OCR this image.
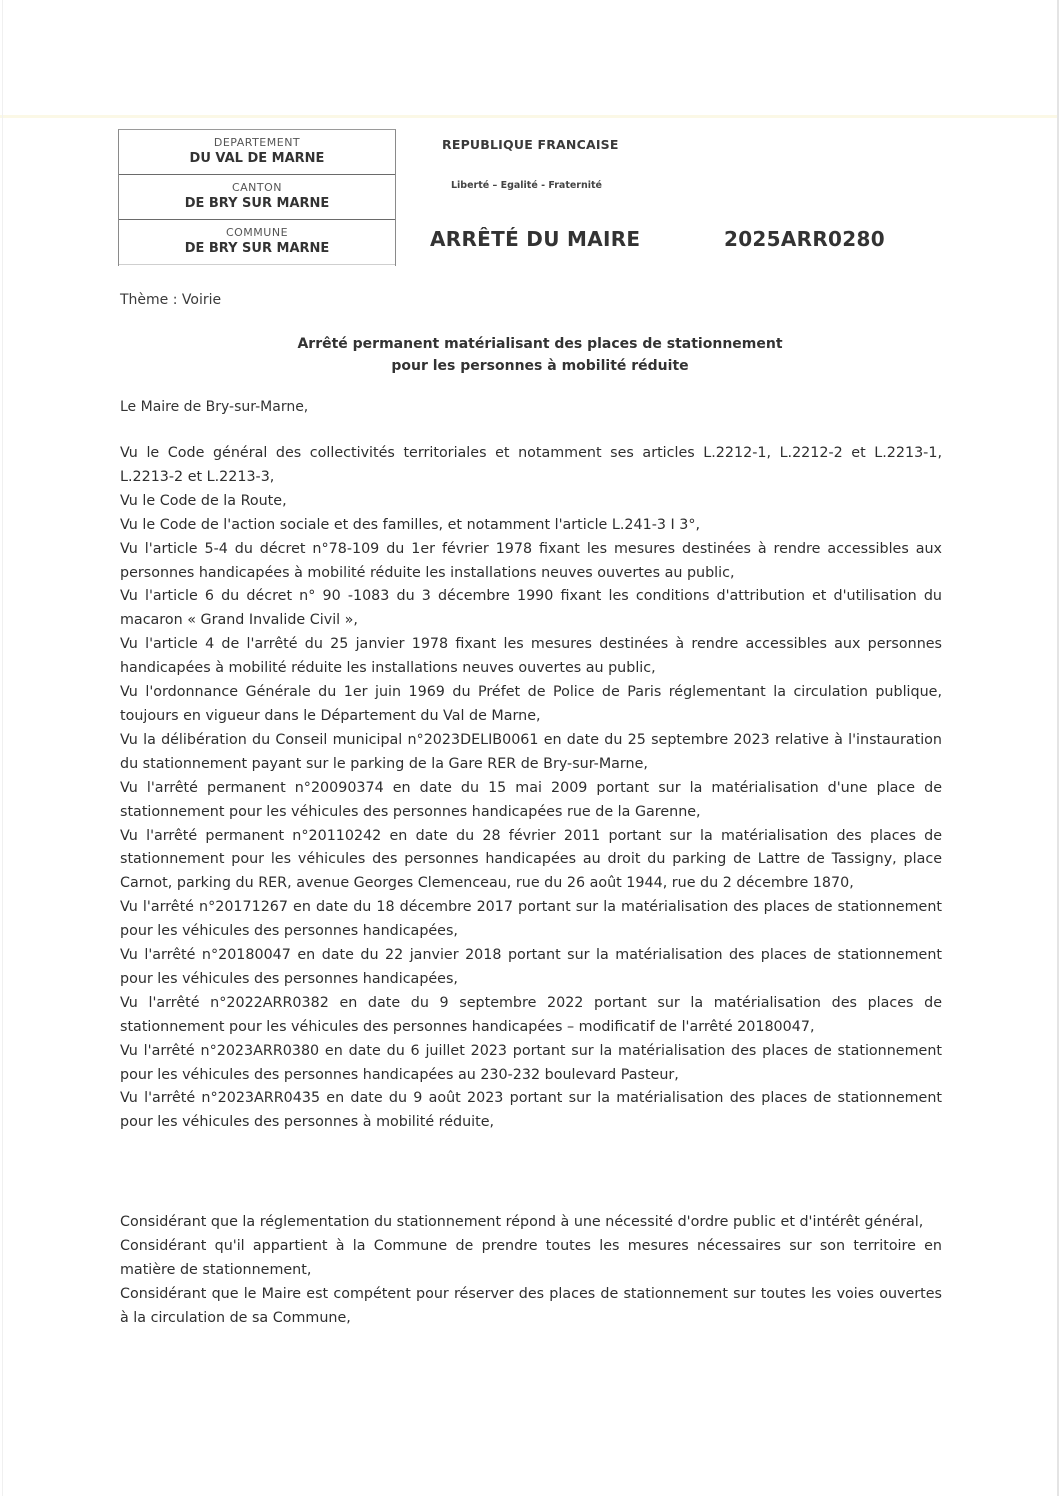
DEPARTEMENT
DU VAL DE MARNE
CANTON
DE BRY SUR MARNE
COMMUNE
DE BRY SUR MARNE
REPUBLIQUE FRANCAISE
Liberté – Egalité - Fraternité
ARRÊTÉ DU MAIRE	2025ARR0280
Thème : Voirie
Arrêté permanent matérialisant des places de stationnement
pour les personnes à mobilité réduite
Le Maire de Bry-sur-Marne,

Vu le Code général des collectivités territoriales et notamment ses articles L.2212-1, L.2212-2 et L.2213-1, L.2213-2 et L.2213-3,

Vu le Code de la Route,

Vu le Code de l'action sociale et des familles, et notamment l'article L.241-3 I 3°,

Vu l'article 5-4 du décret n°78-109 du 1er février 1978 fixant les mesures destinées à rendre accessibles aux personnes handicapées à mobilité réduite les installations neuves ouvertes au public,

Vu l'article 6 du décret n° 90 -1083 du 3 décembre 1990 fixant les conditions d'attribution et d'utilisation du macaron « Grand Invalide Civil »,

Vu l'article 4 de l'arrêté du 25 janvier 1978 fixant les mesures destinées à rendre accessibles aux personnes handicapées à mobilité réduite les installations neuves ouvertes au public,

Vu l'ordonnance Générale du 1er juin 1969 du Préfet de Police de Paris réglementant la circulation publique, toujours en vigueur dans le Département du Val de Marne,

Vu la délibération du Conseil municipal n°2023DELIB0061 en date du 25 septembre 2023 relative à l'instauration du stationnement payant sur le parking de la Gare RER de Bry-sur-Marne,

Vu l'arrêté permanent n°20090374 en date du 15 mai 2009 portant sur la matérialisation d'une place de stationnement pour les véhicules des personnes handicapées rue de la Garenne,

Vu l'arrêté permanent n°20110242 en date du 28 février 2011 portant sur la matérialisation des places de stationnement pour les véhicules des personnes handicapées au droit du parking de Lattre de Tassigny, place Carnot, parking du RER, avenue Georges Clemenceau, rue du 26 août 1944, rue du 2 décembre 1870,

Vu l'arrêté n°20171267 en date du 18 décembre 2017 portant sur la matérialisation des places de stationnement pour les véhicules des personnes handicapées,

Vu l'arrêté n°20180047 en date du 22 janvier 2018 portant sur la matérialisation des places de stationnement pour les véhicules des personnes handicapées,

Vu l'arrêté n°2022ARR0382 en date du 9 septembre 2022 portant sur la matérialisation des places de stationnement pour les véhicules des personnes handicapées – modificatif de l'arrêté 20180047,

Vu l'arrêté n°2023ARR0380 en date du 6 juillet 2023 portant sur la matérialisation des places de stationnement pour les véhicules des personnes handicapées au 230-232 boulevard Pasteur,

Vu l'arrêté n°2023ARR0435 en date du 9 août 2023 portant sur la matérialisation des places de stationnement pour les véhicules des personnes à mobilité réduite,

Considérant que la réglementation du stationnement répond à une nécessité d'ordre public et d'intérêt général,

Considérant qu'il appartient à la Commune de prendre toutes les mesures nécessaires sur son territoire en matière de stationnement,

Considérant que le Maire est compétent pour réserver des places de stationnement sur toutes les voies ouvertes à la circulation de sa Commune,
